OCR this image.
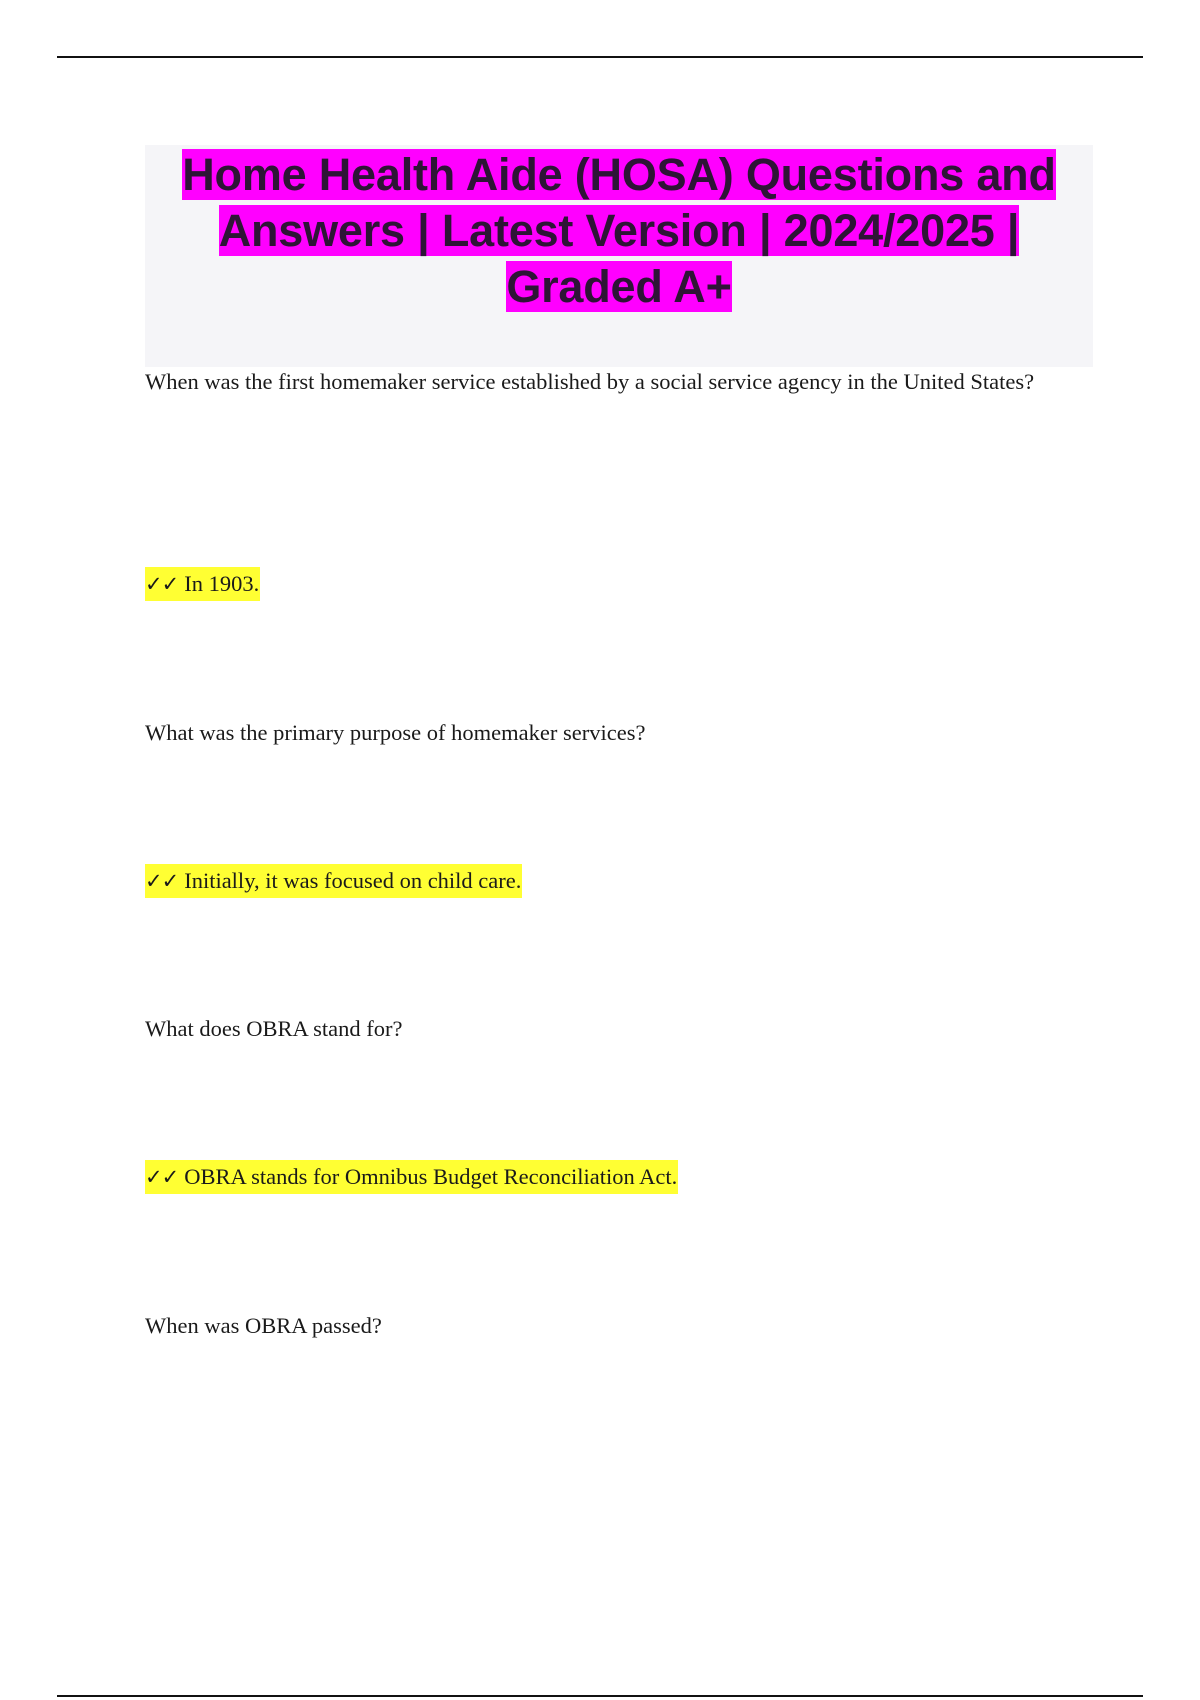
Home Health Aide (HOSA) Questions and Answers | Latest Version | 2024/2025 | Graded A+

When was the first homemaker service established by a social service agency in the United States?

✓✓ In 1903.

What was the primary purpose of homemaker services?

✓✓ Initially, it was focused on child care.

What does OBRA stand for?

✓✓ OBRA stands for Omnibus Budget Reconciliation Act.

When was OBRA passed?
